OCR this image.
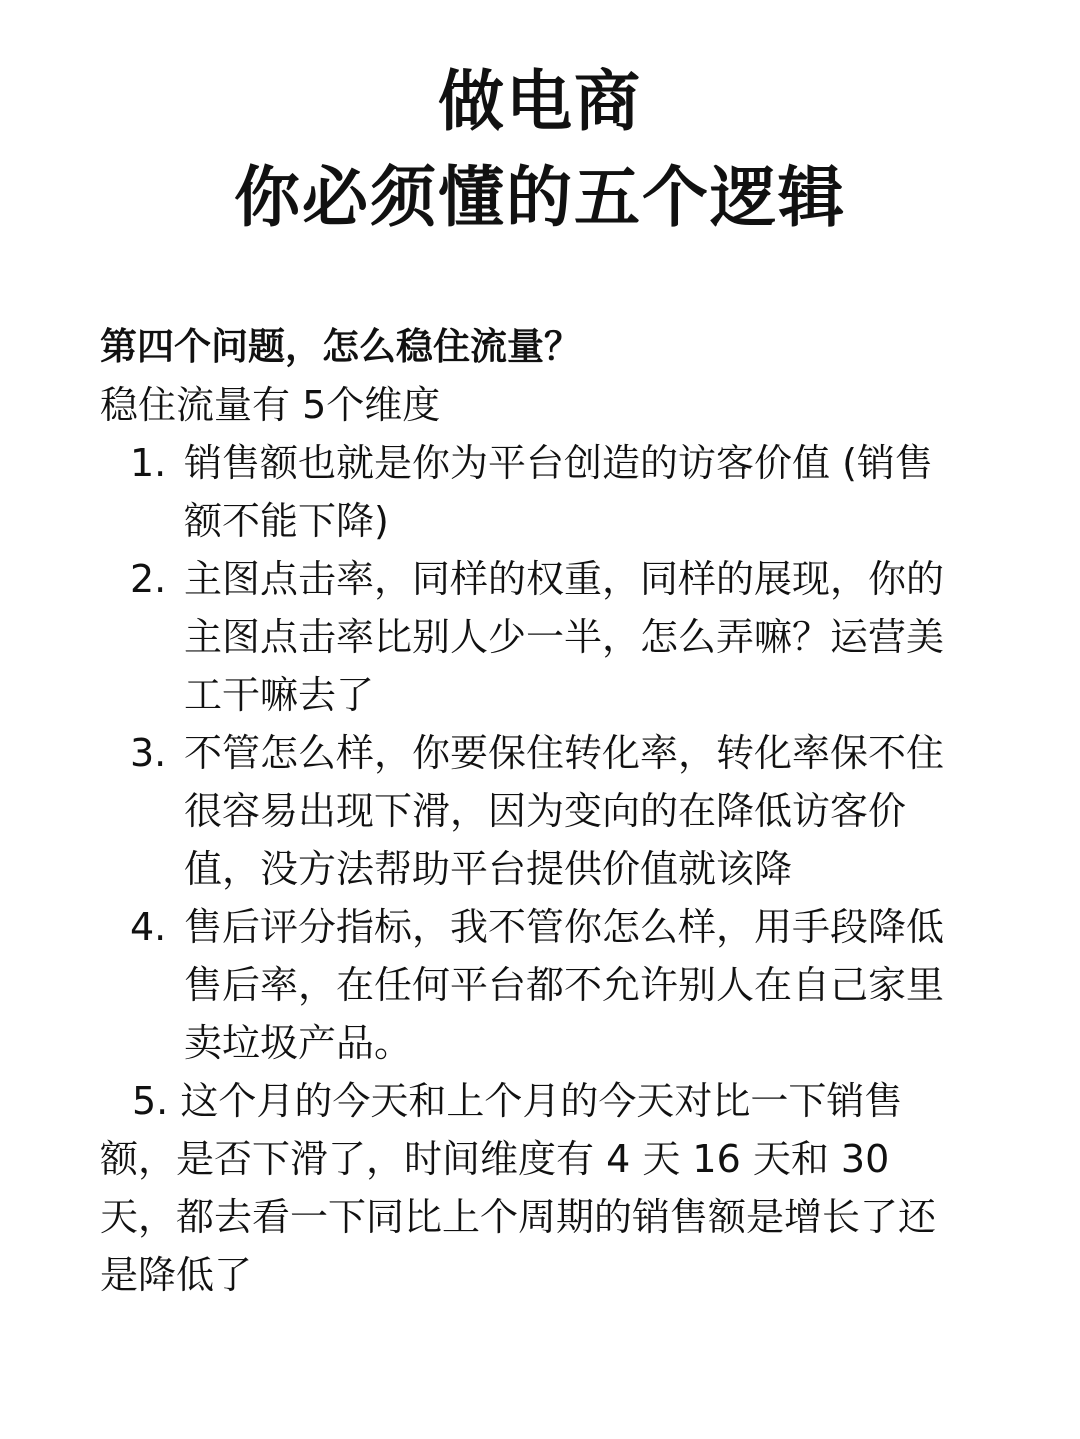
做电商
你必须懂的五个逻辑
第四个问题，怎么稳住流量？
稳住流量有 5个维度
1. 销售额也就是你为平台创造的访客价值 (销售额不能下降)
2. 主图点击率，同样的权重，同样的展现，你的主图点击率比别人少一半，怎么弄嘛？运营美工干嘛去了
3. 不管怎么样，你要保住转化率，转化率保不住很容易出现下滑，因为变向的在降低访客价值，没方法帮助平台提供价值就该降
4. 售后评分指标，我不管你怎么样，用手段降低售后率，在任何平台都不允许别人在自己家里卖垃圾产品。
5. 这个月的今天和上个月的今天对比一下销售额，是否下滑了，时间维度有 4 天 16 天和 30 天，都去看一下同比上个周期的销售额是增长了还是降低了
